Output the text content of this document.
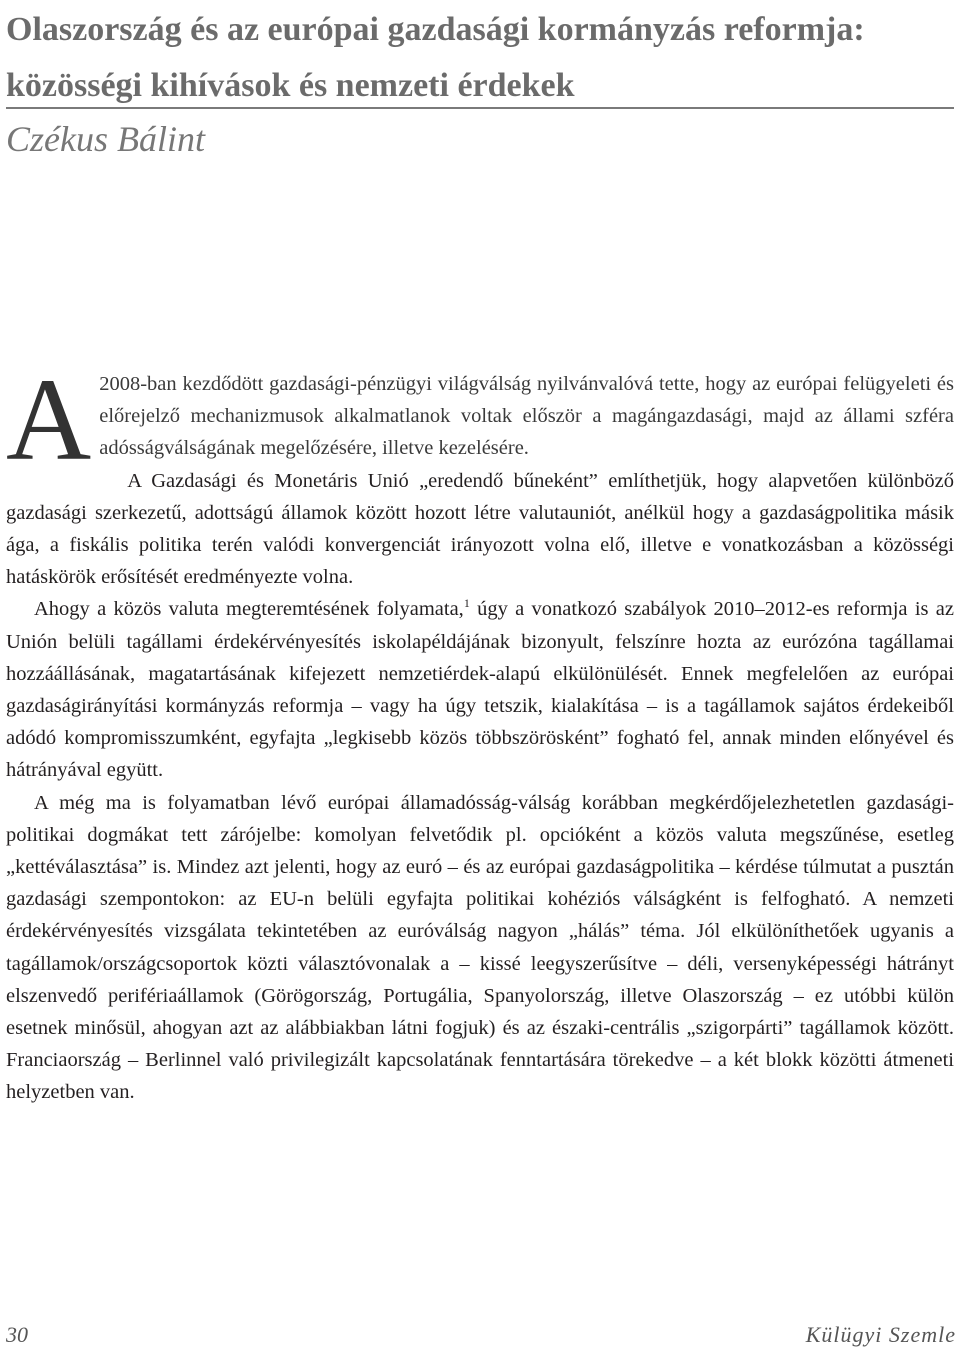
Olaszország és az európai gazdasági kormányzás reformja: közösségi kihívások és nemzeti érdekek

Czékus Bálint

A 2008-ban kezdődött gazdasági-pénzügyi világválság nyilvánvalóvá tette, hogy az európai felügyeleti és előrejelző mechanizmusok alkalmatlanok voltak először a magángazdasági, majd az állami szféra adósságválságának megelőzésére, illetve kezelésére.

A Gazdasági és Monetáris Unió „eredendő bűneként” említhetjük, hogy alapvetően különböző gazdasági szerkezetű, adottságú államok között hozott létre valutauniót, anélkül hogy a gazdaságpolitika másik ága, a fiskális politika terén valódi konvergenciát irányozott volna elő, illetve e vonatkozásban a közösségi hatáskörök erősítését eredményezte volna.

Ahogy a közös valuta megteremtésének folyamata,$^1$ úgy a vonatkozó szabályok 2010–2012-es reformja is az Unión belüli tagállami érdekérvényesítés iskolapéldájának bizonyult, felszínre hozta az eurózóna tagállamai hozzáállásának, magatartásának kifejezett nemzetiérdek-alapú elkülönülését. Ennek megfelelően az európai gazdaságirányítási kormányzás reformja – vagy ha úgy tetszik, kialakítása – is a tagállamok sajátos érdekeiből adódó kompromisszumként, egyfajta „legkisebb közös többszörösként” fogható fel, annak minden előnyével és hátrányával együtt.

A még ma is folyamatban lévő európai államadósság-válság korábban megkérdőjelezhetetlen gazdasági-politikai dogmákat tett zárójelbe: komolyan felvetődik pl. opcióként a közös valuta megszűnése, esetleg „kettéválasztása” is. Mindez azt jelenti, hogy az euró – és az európai gazdaságpolitika – kérdése túlmutat a pusztán gazdasági szempontokon: az EU-n belüli egyfajta politikai kohéziós válságként is felfogható. A nemzeti érdekérvényesítés vizsgálata tekintetében az euróválság nagyon „hálás” téma. Jól elkülöníthetőek ugyanis a tagállamok/országcsoportok közti választóvonalak a – kissé leegyszerűsítve – déli, versenyképességi hátrányt elszenvedő perifériaállamok (Görögország, Portugália, Spanyolország, illetve Olaszország – ez utóbbi külön esetnek minősül, ahogyan azt az alábbiakban látni fogjuk) és az északi-centrális „szigorpárti” tagállamok között. Franciaország – Berlinnel való privilegizált kapcsolatának fenntartására törekedve – a két blokk közötti átmeneti helyzetben van.

30	Külügyi Szemle
